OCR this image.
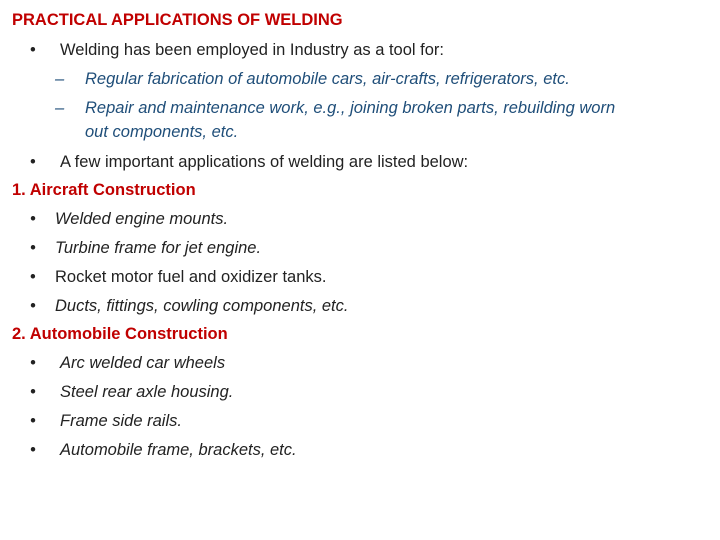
PRACTICAL APPLICATIONS OF WELDING
• Welding has been employed in Industry as a tool for:
– Regular fabrication of automobile cars, air-crafts, refrigerators, etc.
– Repair and maintenance work, e.g., joining broken parts, rebuilding worn
out components, etc.
• A few important applications of welding are listed below:
1. Aircraft Construction
• Welded engine mounts.
• Turbine frame for jet engine.
• Rocket motor fuel and oxidizer tanks.
• Ducts, fittings, cowling components, etc.
2. Automobile Construction
• Arc welded car wheels
• Steel rear axle housing.
• Frame side rails.
• Automobile frame, brackets, etc.
